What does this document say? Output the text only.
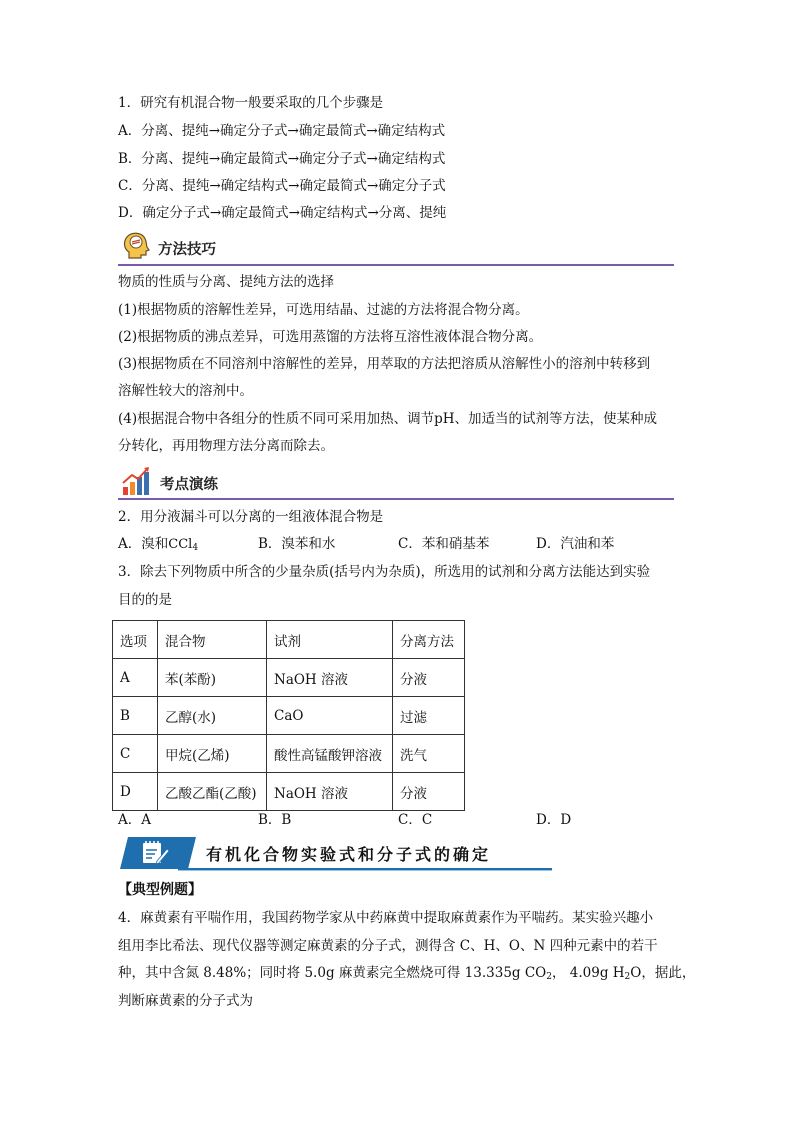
1．研究有机混合物一般要采取的几个步骤是
A．分离、提纯→确定分子式→确定最简式→确定结构式
B．分离、提纯→确定最简式→确定分子式→确定结构式
C．分离、提纯→确定结构式→确定最简式→确定分子式
D．确定分子式→确定最简式→确定结构式→分离、提纯
方法技巧
物质的性质与分离、提纯方法的选择
(1)根据物质的溶解性差异，可选用结晶、过滤的方法将混合物分离。
(2)根据物质的沸点差异，可选用蒸馏的方法将互溶性液体混合物分离。
(3)根据物质在不同溶剂中溶解性的差异，用萃取的方法把溶质从溶解性小的溶剂中转移到
溶解性较大的溶剂中。
(4)根据混合物中各组分的性质不同可采用加热、调节pH、加适当的试剂等方法，使某种成
分转化，再用物理方法分离而除去。
考点演练
2．用分液漏斗可以分离的一组液体混合物是
A．溴和CCl$_4$	B．溴苯和水	C．苯和硝基苯	D．汽油和苯
3．除去下列物质中所含的少量杂质(括号内为杂质)，所选用的试剂和分离方法能达到实验
目的的是
选项	混合物	试剂	分离方法
A	苯(苯酚)	NaOH 溶液	分液
B	乙醇(水)	CaO	过滤
C	甲烷(乙烯)	酸性高锰酸钾溶液	洗气
D	乙酸乙酯(乙酸)	NaOH 溶液	分液
A．A	C．C
B．B	D．D
有机化合物实验式和分子式的确定
【典型例题】
4．麻黄素有平喘作用，我国药物学家从中药麻黄中提取麻黄素作为平喘药。某实验兴趣小
组用李比希法、现代仪器等测定麻黄素的分子式，测得含 C、H、O、N 四种元素中的若干
种，其中含氮 8.48%；同时将 5.0g 麻黄素完全燃烧可得 13.335g $CO_2$， 4.09g $H_2O$，据此，
判断麻黄素的分子式为
